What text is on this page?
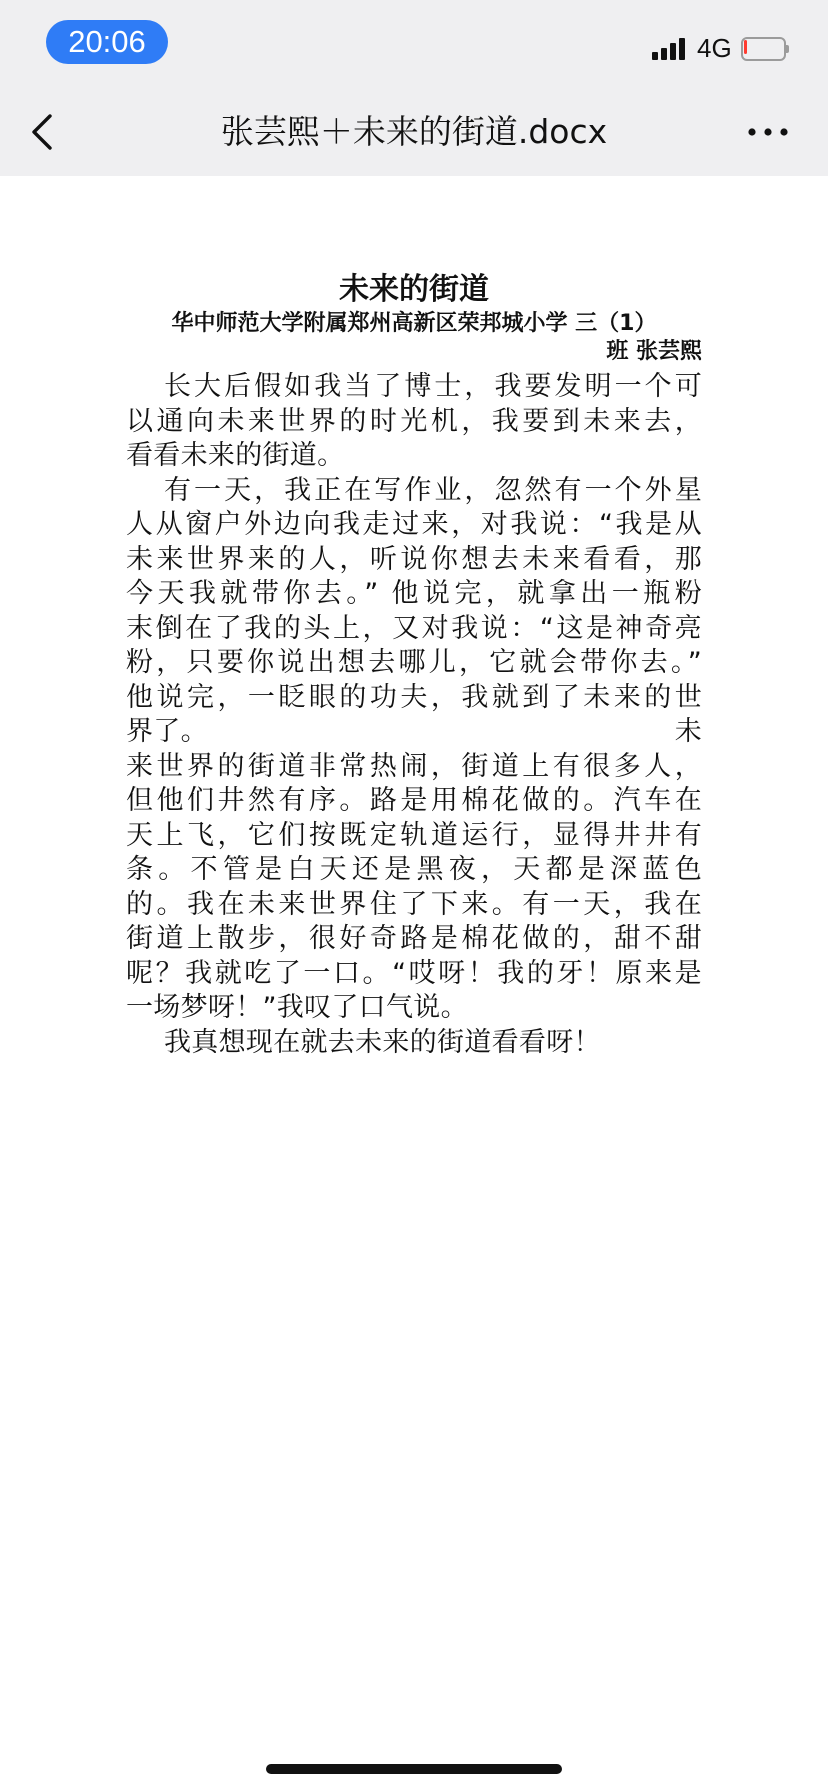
20:06	4G
张芸熙＋未来的街道.docx
未来的街道

华中师范大学附属郑州高新区荣邦城小学 三（1）

班 张芸熙

长大后假如我当了博士，我要发明一个可
以通向未来世界的时光机，我要到未来去，
看看未来的街道。
有一天，我正在写作业，忽然有一个外星
人从窗户外边向我走过来，对我说：“我是从
未来世界来的人，听说你想去未来看看，那
今天我就带你去。” 他说完，就拿出一瓶粉
末倒在了我的头上，又对我说：“这是神奇亮
粉，只要你说出想去哪儿，它就会带你去。”
他说完，一眨眼的功夫，我就到了未来的世
界了。	未
来世界的街道非常热闹，街道上有很多人，
但他们井然有序。路是用棉花做的。汽车在
天上飞，它们按既定轨道运行，显得井井有
条。不管是白天还是黑夜，天都是深蓝色
的。我在未来世界住了下来。有一天，我在
街道上散步，很好奇路是棉花做的，甜不甜
呢？我就吃了一口。“哎呀！我的牙！原来是
一场梦呀！”我叹了口气说。
我真想现在就去未来的街道看看呀！
